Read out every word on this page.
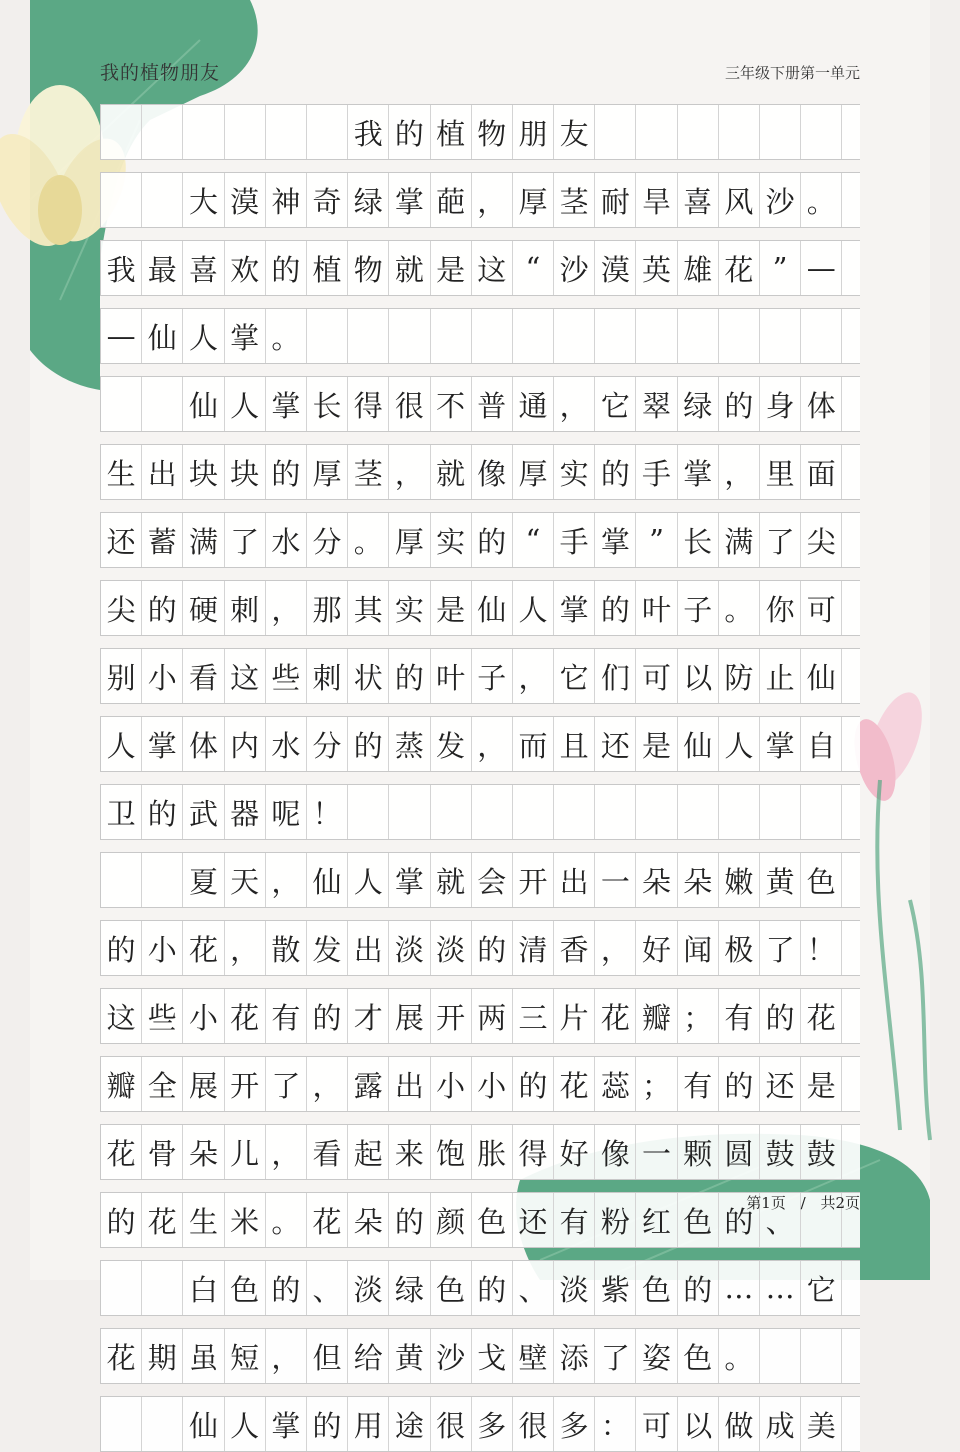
我的植物朋友	三年级下册第一单元
我 的 植 物 朋 友
大 漠 神 奇 绿 掌 葩 ， 厚 茎 耐 旱 喜 风 沙 。
我 最 喜 欢 的 植 物 就 是 这 “ 沙 漠 英 雄 花 ” —
— 仙 人 掌 。
仙 人 掌 长 得 很 不 普 通 ， 它 翠 绿 的 身 体
生 出 块 块 的 厚 茎 ， 就 像 厚 实 的 手 掌 ， 里 面
还 蓄 满 了 水 分 。 厚 实 的 “ 手 掌 ” 长 满 了 尖
尖 的 硬 刺 ， 那 其 实 是 仙 人 掌 的 叶 子 。 你 可
别 小 看 这 些 刺 状 的 叶 子 ， 它 们 可 以 防 止 仙
人 掌 体 内 水 分 的 蒸 发 ， 而 且 还 是 仙 人 掌 自
卫 的 武 器 呢 ！
夏 天 ， 仙 人 掌 就 会 开 出 一 朵 朵 嫩 黄 色
的 小 花 ， 散 发 出 淡 淡 的 清 香 ， 好 闻 极 了 ！
这 些 小 花 有 的 才 展 开 两 三 片 花 瓣 ； 有 的 花
瓣 全 展 开 了 ， 露 出 小 小 的 花 蕊 ； 有 的 还 是
花 骨 朵 儿 ， 看 起 来 饱 胀 得 好 像 一 颗 圆 鼓 鼓
的 花 生 米 。 花 朵 的 颜 色 还 有 粉 红 色 的 、
白 色 的 、 淡 绿 色 的 、 淡 紫 色 的 … … 它
花 期 虽 短 ， 但 给 黄 沙 戈 壁 添 了 姿 色 。
仙 人 掌 的 用 途 很 多 很 多 ： 可 以 做 成 美
第1页 / 共2页
